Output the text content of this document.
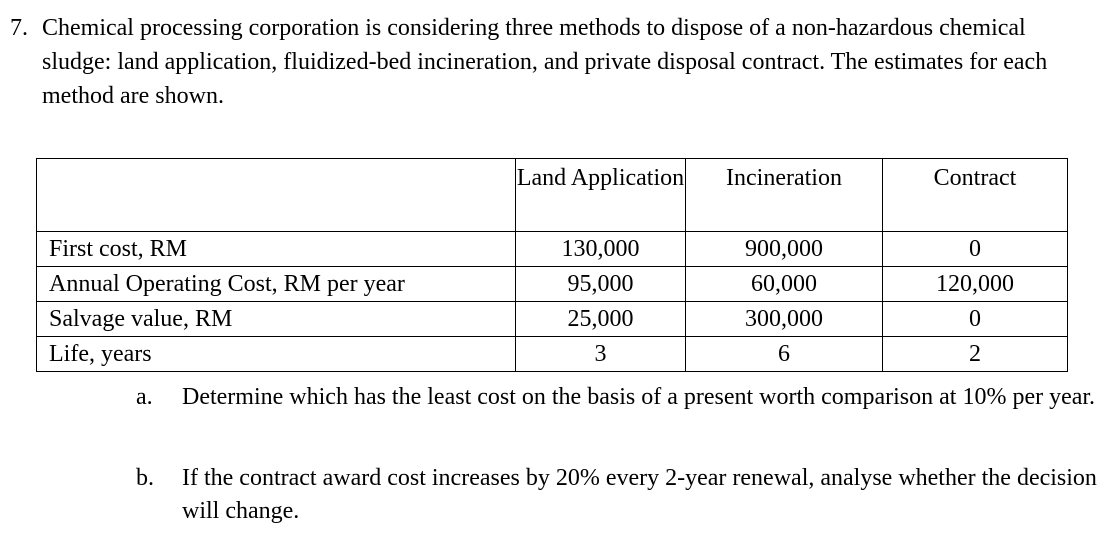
7. Chemical processing corporation is considering three methods to dispose of a non-hazardous chemical sludge: land application, fluidized-bed incineration, and private disposal contract. The estimates for each method are shown.
	Land Application	Incineration	Contract
First cost, RM	130,000	900,000	0
Annual Operating Cost, RM per year	95,000	60,000	120,000
Salvage value, RM	25,000	300,000	0
Life, years	3	6	2
a. Determine which has the least cost on the basis of a present worth comparison at 10% per year.
b. If the contract award cost increases by 20% every 2-year renewal, analyse whether the decision will change.
